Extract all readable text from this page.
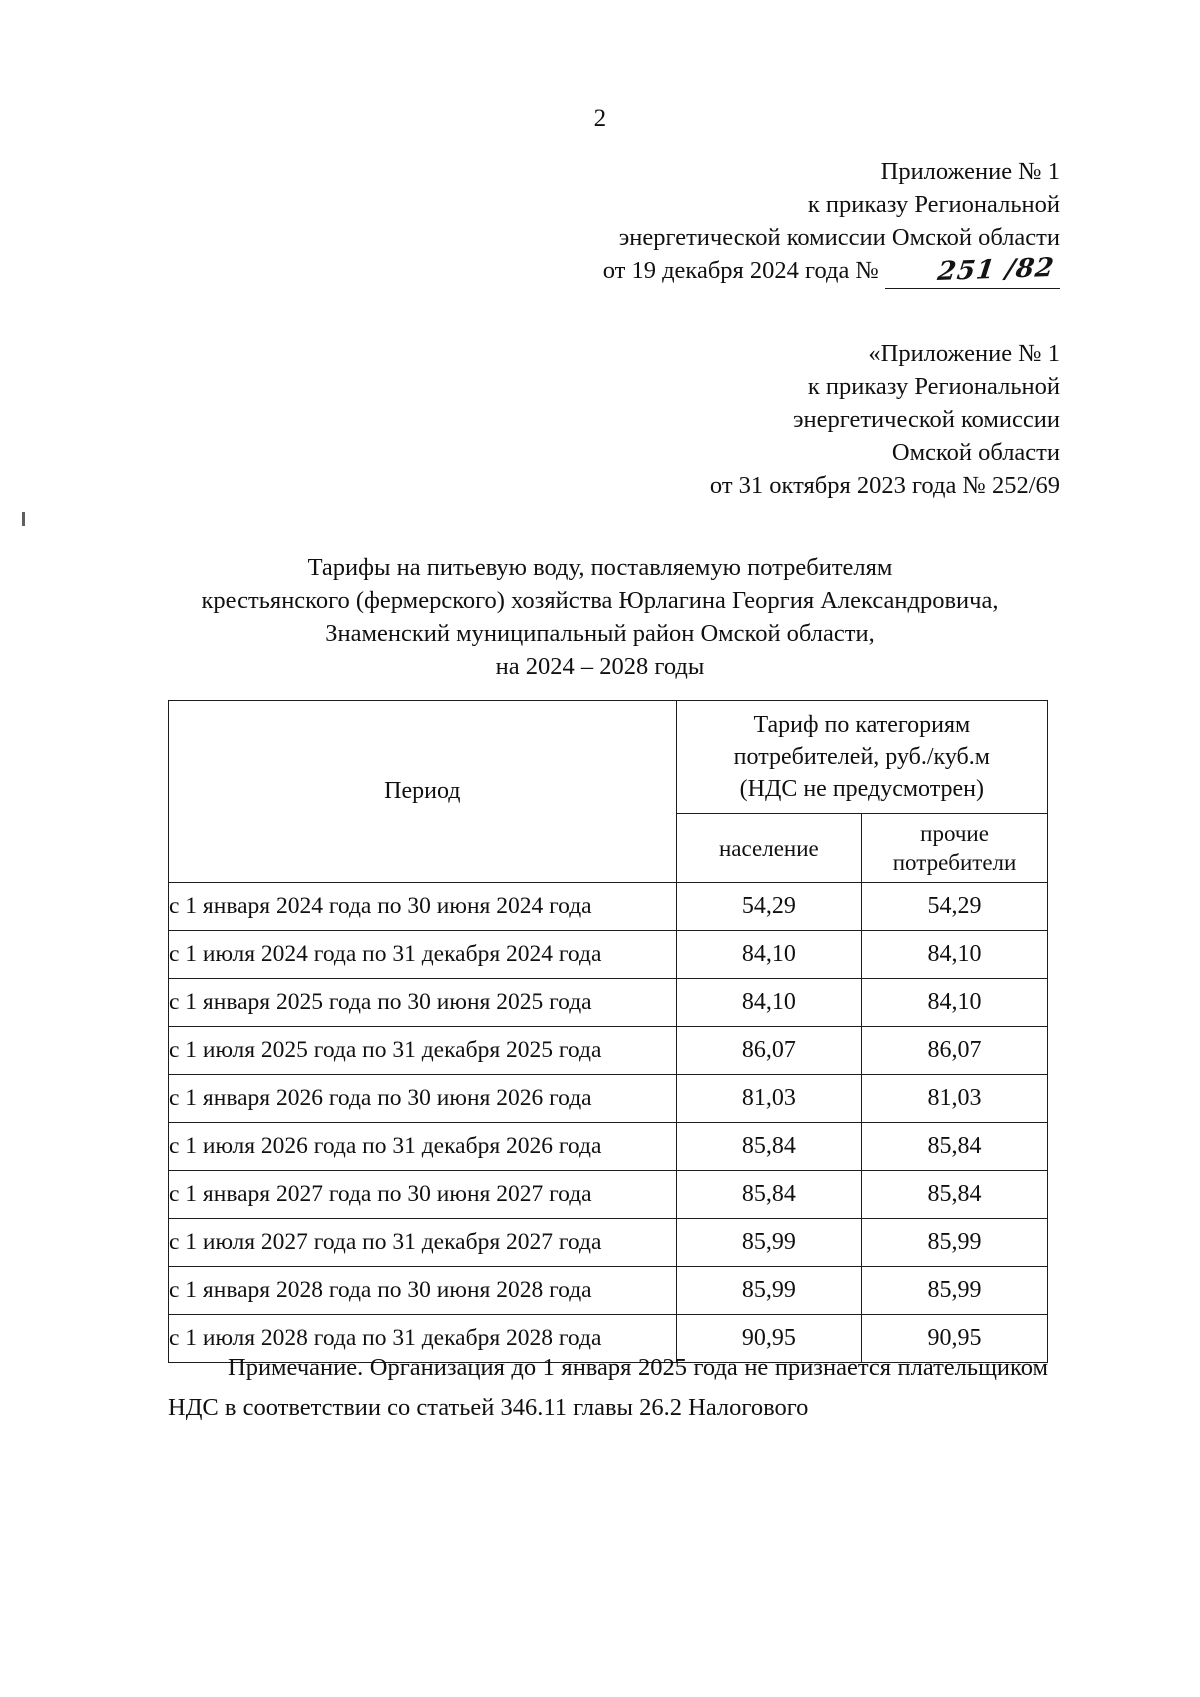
2
Приложение № 1
к приказу Региональной
энергетической комиссии Омской области
от 19 декабря 2024 года № 251 /82
«Приложение № 1
к приказу Региональной
энергетической комиссии
Омской области
от 31 октября 2023 года № 252/69
Тарифы на питьевую воду, поставляемую потребителям
крестьянского (фермерского) хозяйства Юрлагина Георгия Александровича,
Знаменский муниципальный район Омской области,
на 2024 – 2028 годы
Период	Тариф по категориям
потребителей, руб./куб.м
(НДС не предусмотрен)	

	население	прочие
потребители

с 1 января 2024 года по 30 июня 2024 года	54,29	54,29
с 1 июля 2024 года по 31 декабря 2024 года	84,10	84,10
с 1 января 2025 года по 30 июня 2025 года	84,10	84,10
с 1 июля 2025 года по 31 декабря 2025 года	86,07	86,07
с 1 января 2026 года по 30 июня 2026 года	81,03	81,03
с 1 июля 2026 года по 31 декабря 2026 года	85,84	85,84
с 1 января 2027 года по 30 июня 2027 года	85,84	85,84
с 1 июля 2027 года по 31 декабря 2027 года	85,99	85,99
с 1 января 2028 года по 30 июня 2028 года	85,99	85,99
с 1 июля 2028 года по 31 декабря 2028 года	90,95	90,95
Примечание. Организация до 1 января 2025 года не признается плательщиком НДС в соответствии со статьей 346.11 главы 26.2 Налогового
